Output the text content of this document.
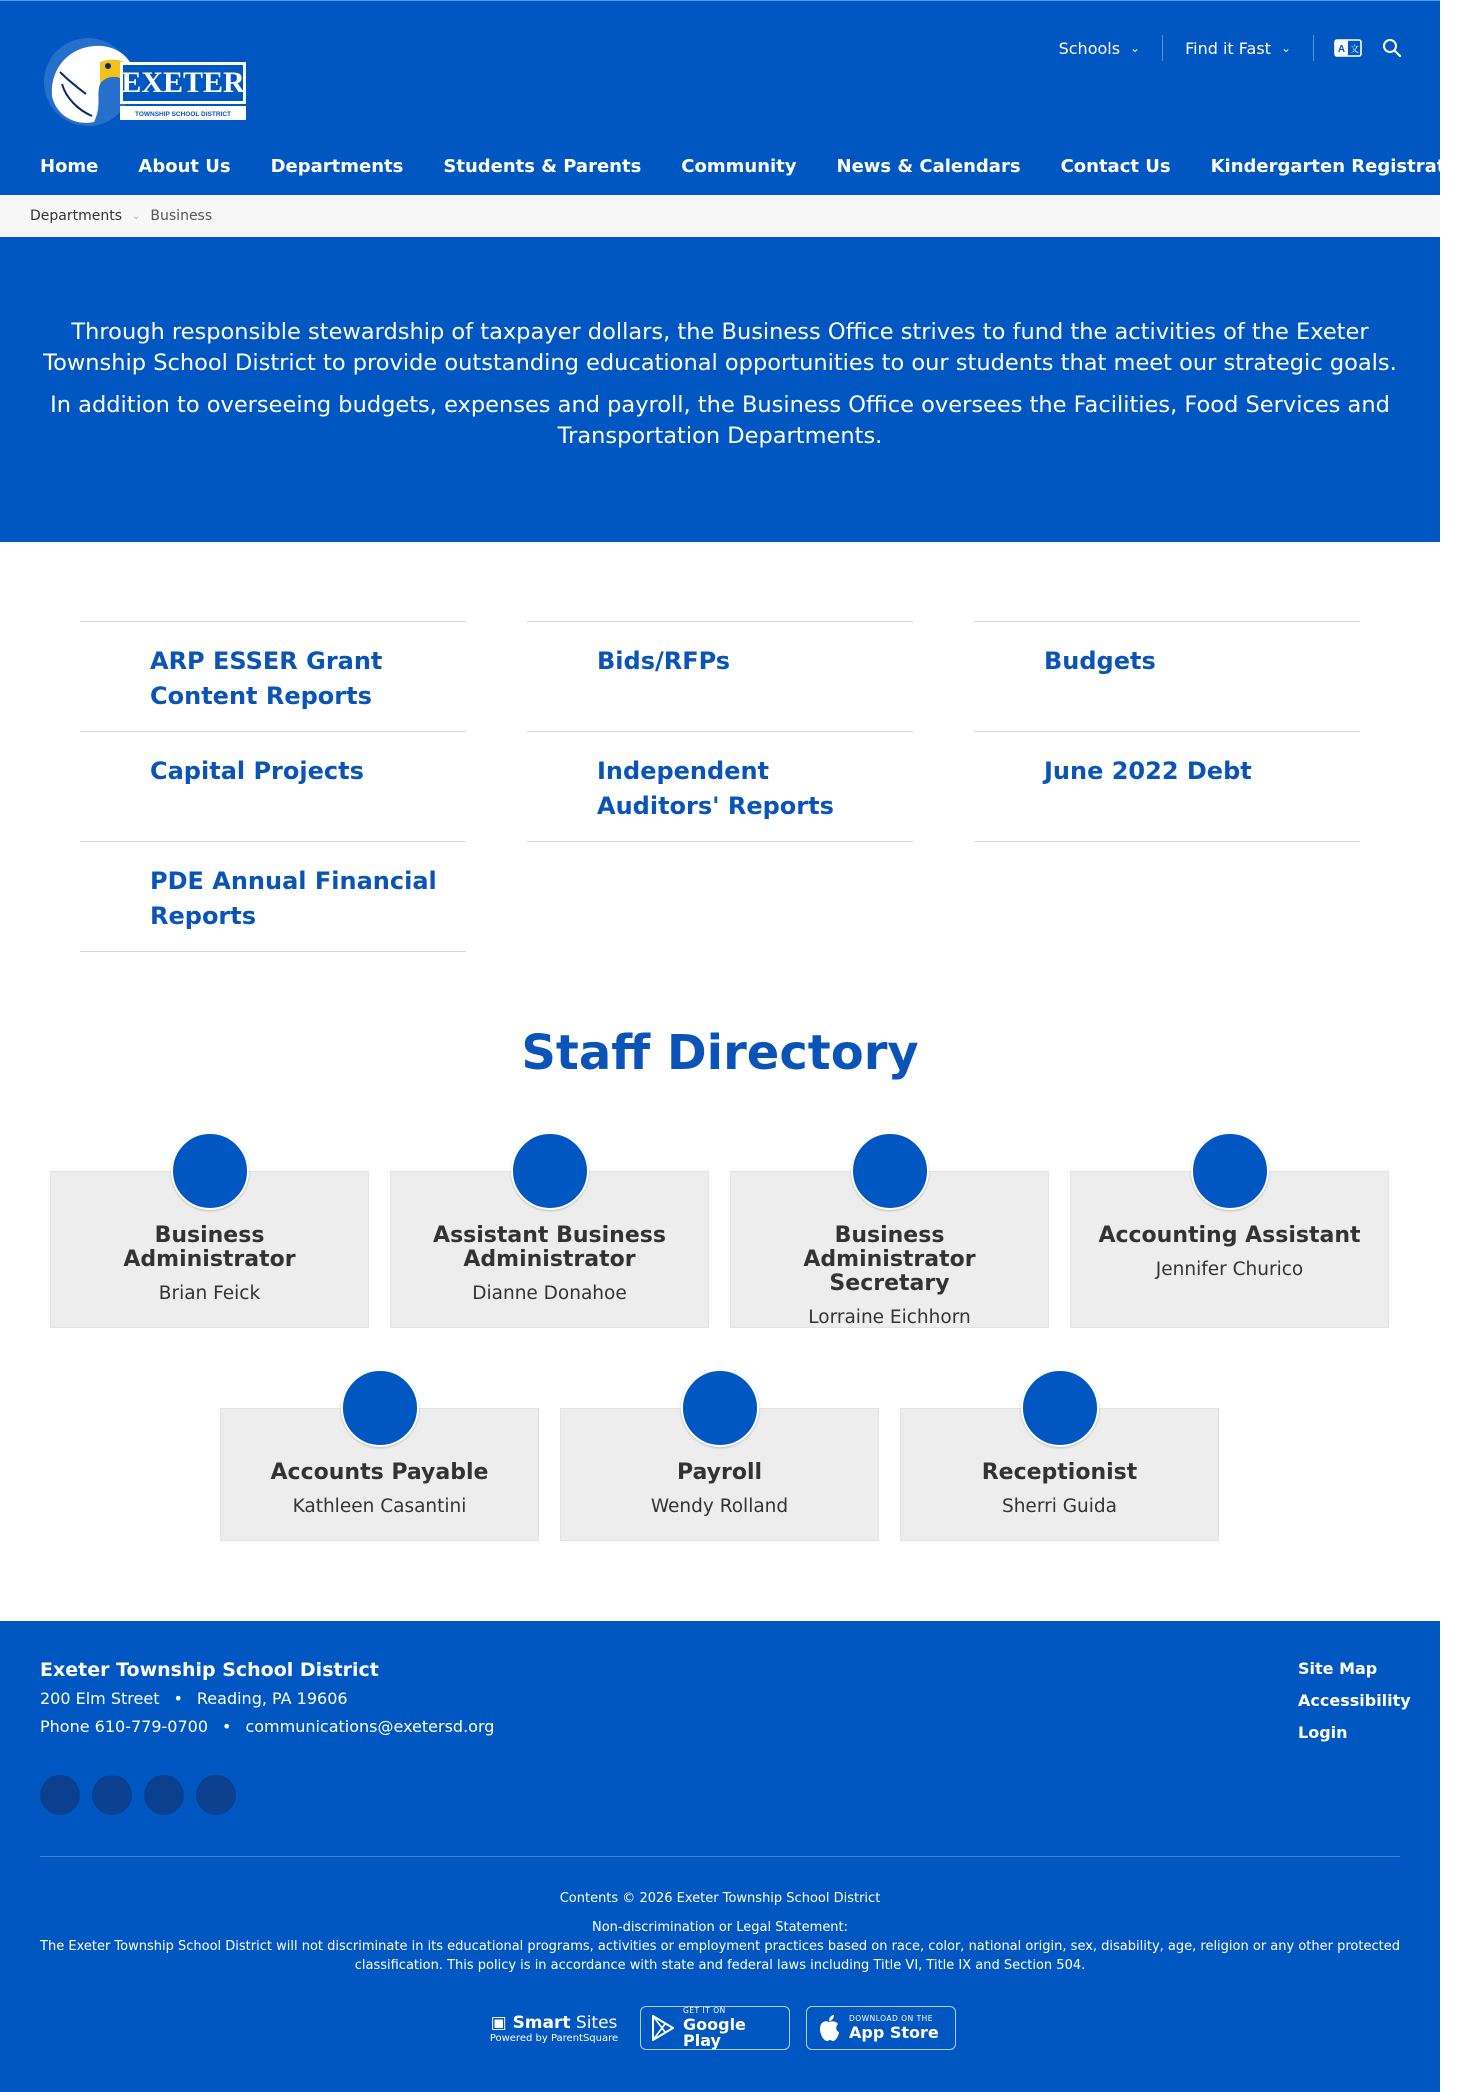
EXETER
TOWNSHIP SCHOOL DISTRICT
Schools ⌄	Find it Fast ⌄	A 文
Home About Us Departments Students & Parents Community News & Calendars Contact Us Kindergarten Registration
Departments ⌄ Business

Through responsible stewardship of taxpayer dollars, the Business Office strives to fund the activities of the Exeter Township School District to provide outstanding educational opportunities to our students that meet our strategic goals.

In addition to overseeing budgets, expenses and payroll, the Business Office oversees the Facilities, Food Services and Transportation Departments.

ARP ESSER Grant Content Reports
Bids/RFPs	Budgets
Capital Projects	Independent Auditors' Reports
June 2022 Debt
PDE Annual Financial Reports
Staff Directory
Business Administrator
Brian Feick
Assistant Business Administrator
Dianne Donahoe
Business Administrator Secretary
Lorraine Eichhorn
Accounting Assistant
Jennifer Churico
Accounts Payable
Kathleen Casantini
Payroll
Wendy Rolland
Receptionist
Sherri Guida
Exeter Township School District
200 Elm Street • Reading, PA 19606
Phone 610-779-0700 • communications@exetersd.org
Site Map
Accessibility
Login
Contents © 2026 Exeter Township School District
Non-discrimination or Legal Statement:
The Exeter Township School District will not discriminate in its educational programs, activities or employment practices based on race, color, national origin, sex, disability, age, religion or any other protected classification. This policy is in accordance with state and federal laws including Title VI, Title IX and Section 504.
▣ Smart Sites
Powered by ParentSquare
GET IT ON
Google Play
DOWNLOAD ON THE
App Store
